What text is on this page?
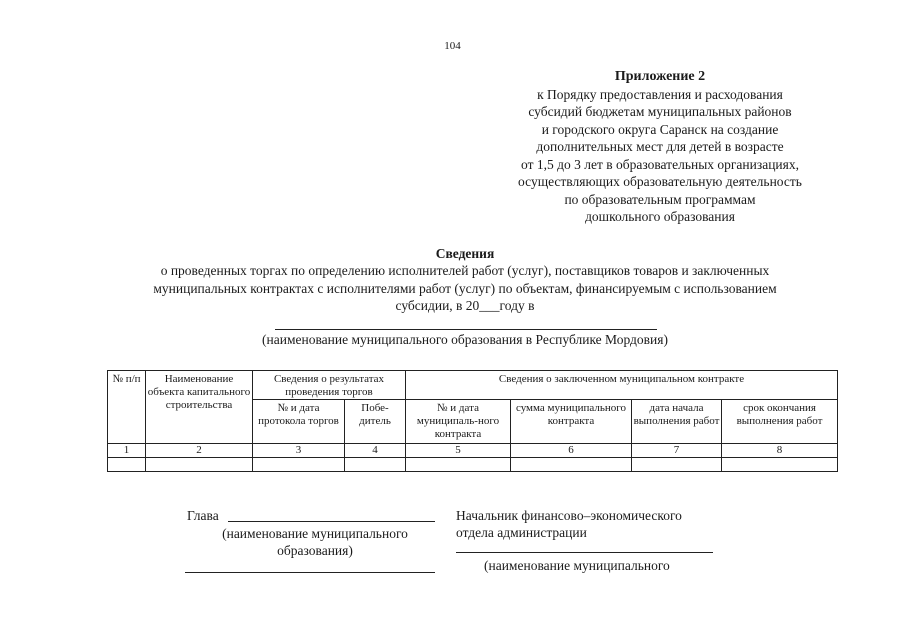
104
Приложение 2
к Порядку предоставления и расходования
субсидий бюджетам муниципальных районов
и городского округа Саранск на создание
дополнительных мест для детей в возрасте
от 1,5 до 3 лет в образовательных организациях,
осуществляющих образовательную деятельность
по образовательным программам
дошкольного образования
Сведения
о проведенных торгах по определению исполнителей работ (услуг), поставщиков товаров и заключенных
муниципальных контрактах с исполнителями работ (услуг) по объектам, финансируемым с использованием
субсидии, в 20___году в
(наименование муниципального образования в Республике Мордовия)
№ п/п	Наименование объекта капитального строительства	Сведения о результатах проведения торгов		Сведения о заключенном муниципальном контракте			
		№ и дата протокола торгов	Побе-дитель	№ и дата муниципаль-ного контракта	сумма муниципального контракта	дата начала выполнения работ	срок окончания выполнения работ
1	2	3	4	5	6	7	8

Глава
(наименование муниципального
образования)
Начальник финансово–экономического
отдела администрации
(наименование муниципального
